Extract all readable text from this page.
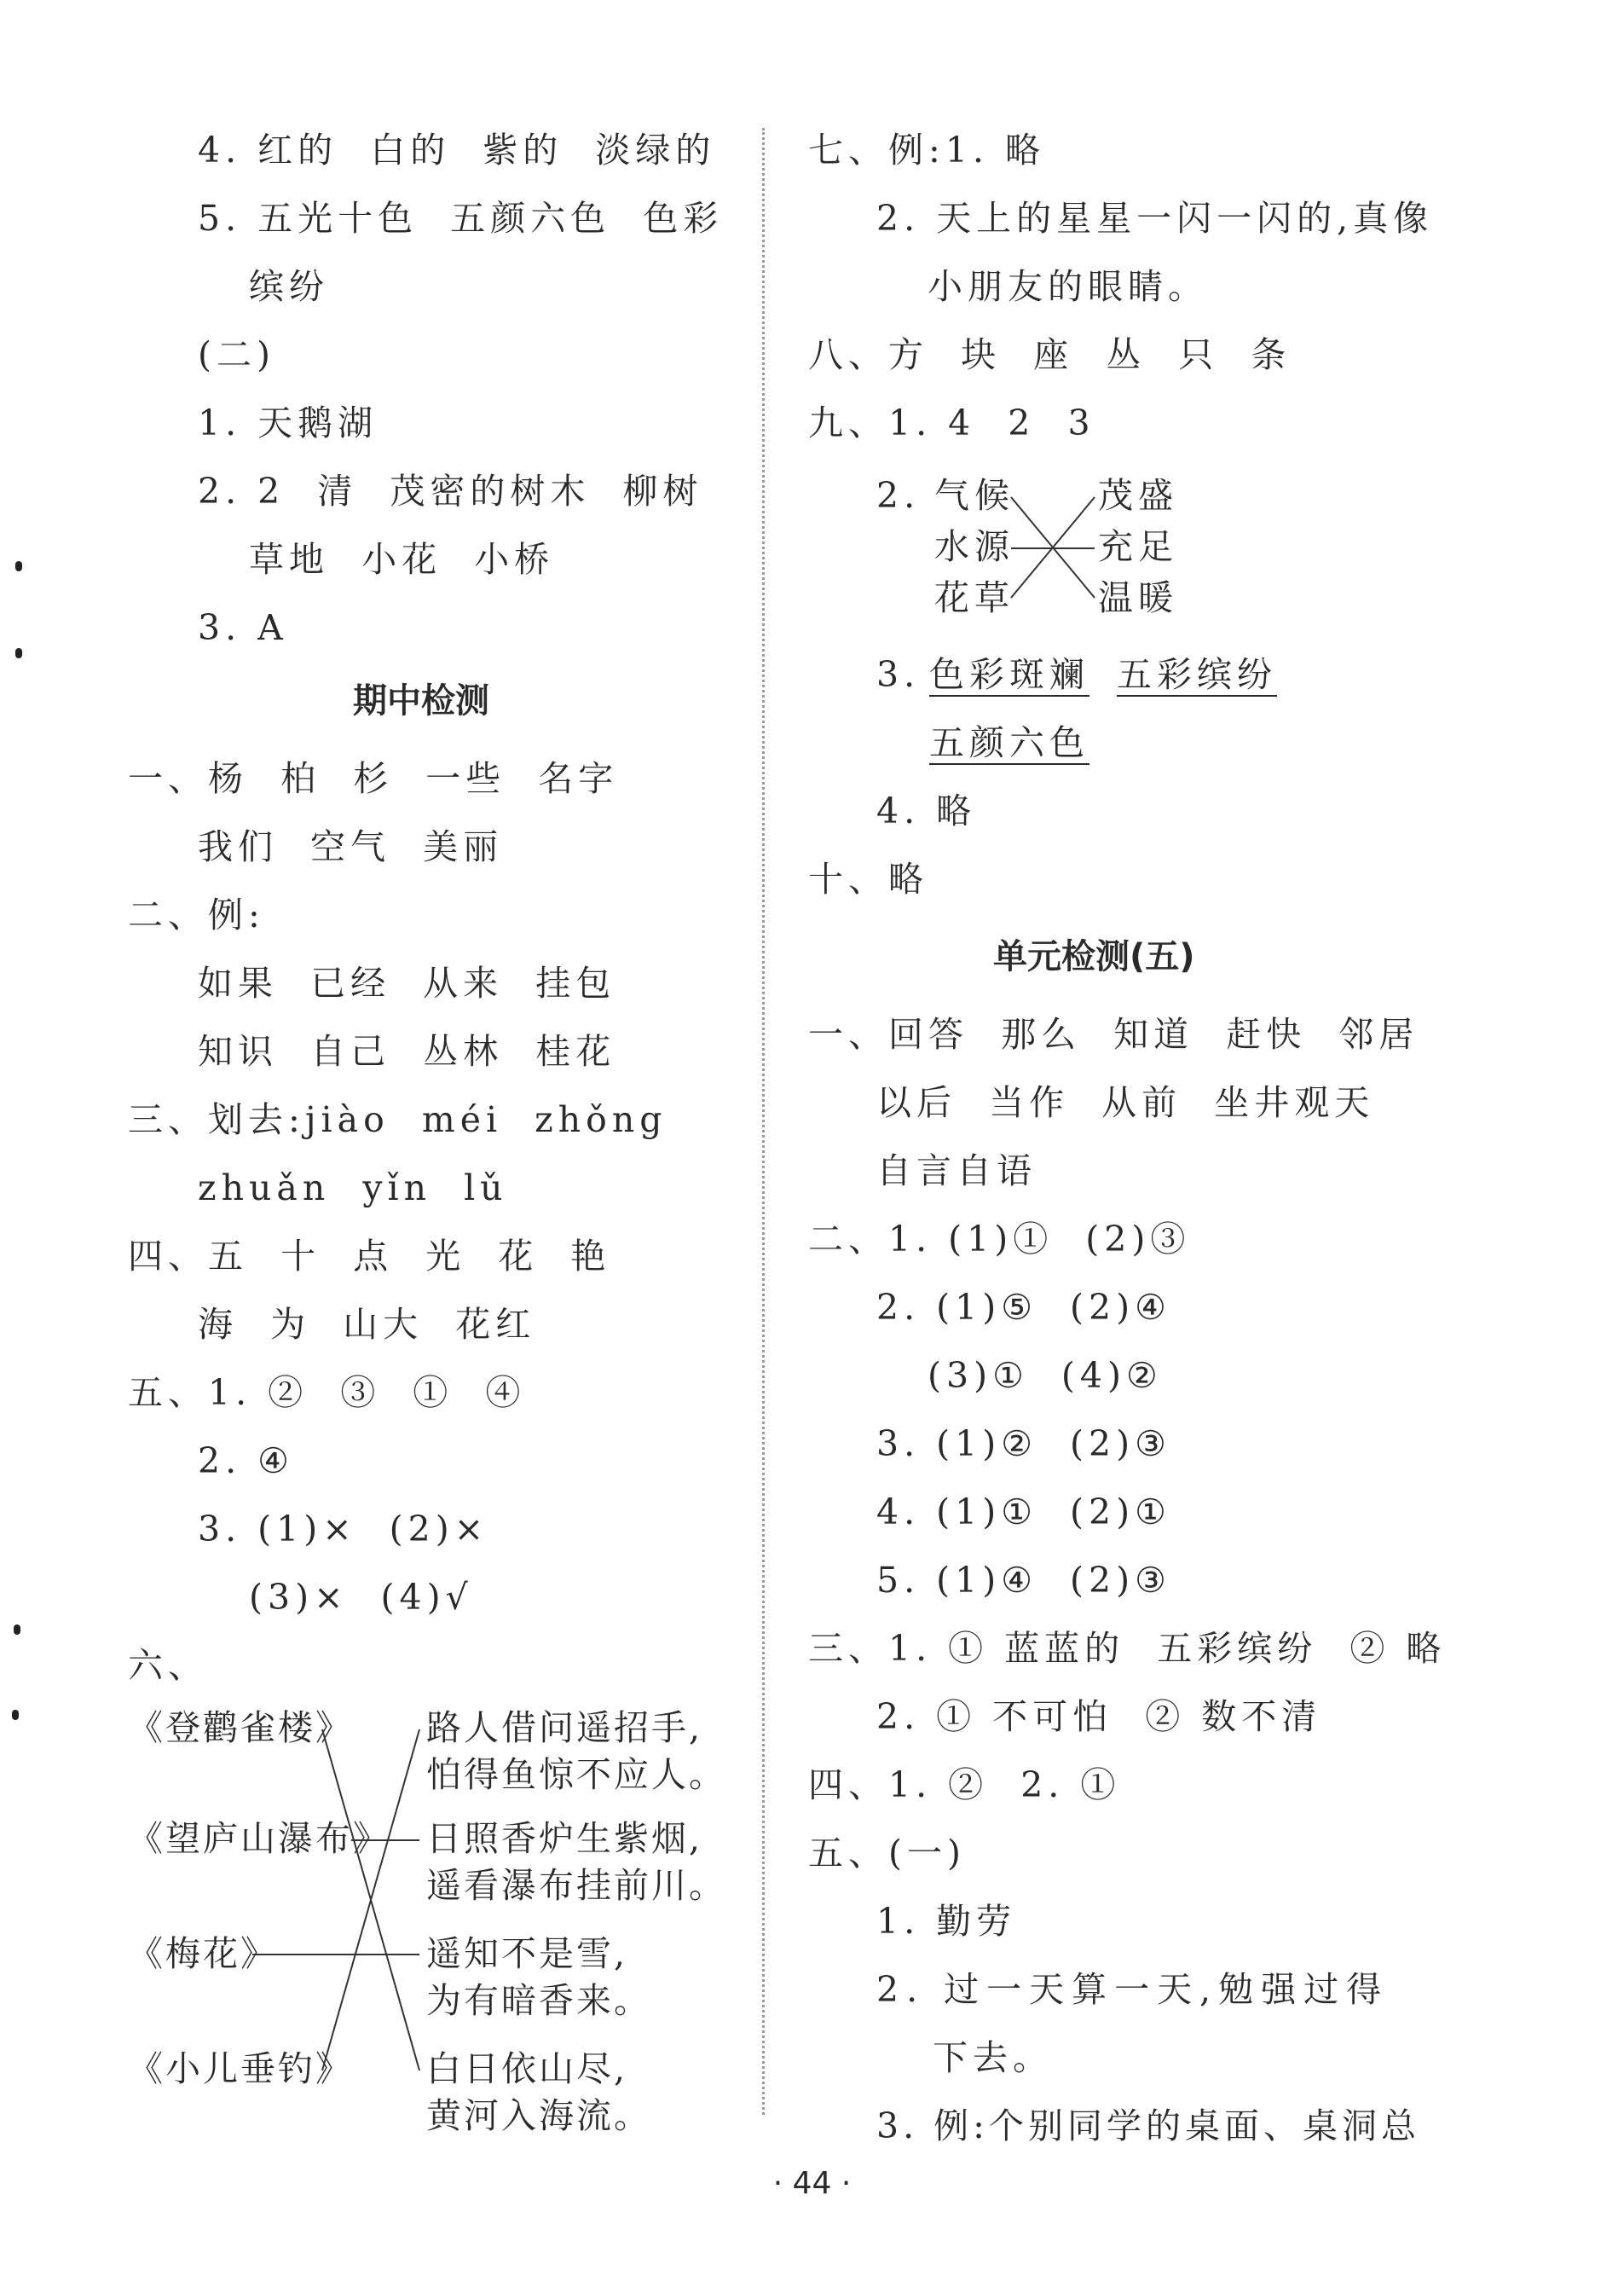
4. 红的  白的  紫的  淡绿的
5. 五光十色  五颜六色  色彩
缤纷
(二)
1. 天鹅湖
2. 2  清  茂密的树木  柳树
草地  小花  小桥
3. A
期中检测
一、杨  柏  杉  一些  名字
我们  空气  美丽
二、例:
如果  已经  从来  挂包
知识  自己  丛林  桂花
三、划去:jiào  méi  zhǒng
zhuǎn  yǐn  lǔ
四、五  十  点  光  花  艳
海  为  山大  花红
五、1. ②  ③  ①  ④
2. ④
3. (1)×  (2)×
(3)×  (4)√
六、
《登鹳雀楼》
《望庐山瀑布》
《梅花》
《小儿垂钓》
路人借问遥招手,
怕得鱼惊不应人。
日照香炉生紫烟,
遥看瀑布挂前川。
遥知不是雪,
为有暗香来。
白日依山尽,
黄河入海流。
七、例:1. 略
2. 天上的星星一闪一闪的,真像
小朋友的眼睛。
八、方  块  座  丛  只  条
九、1. 4  2  3
2. 气候
水源
花草
茂盛
充足
温暖
3. 色彩斑斓 五彩缤纷
五颜六色
4. 略
十、略
单元检测(五)
一、回答  那么  知道  赶快  邻居
以后  当作  从前  坐井观天
自言自语
二、1. (1)①  (2)③
2. (1)⑤  (2)④
(3)①  (4)②
3. (1)②  (2)③
4. (1)①  (2)①
5. (1)④  (2)③
三、1. ① 蓝蓝的  五彩缤纷  ② 略
2. ① 不可怕  ② 数不清
四、1. ②  2. ①
五、(一)
1. 勤劳
2. 过一天算一天,勉强过得
下去。
3. 例:个别同学的桌面、桌洞总
· 44 ·
